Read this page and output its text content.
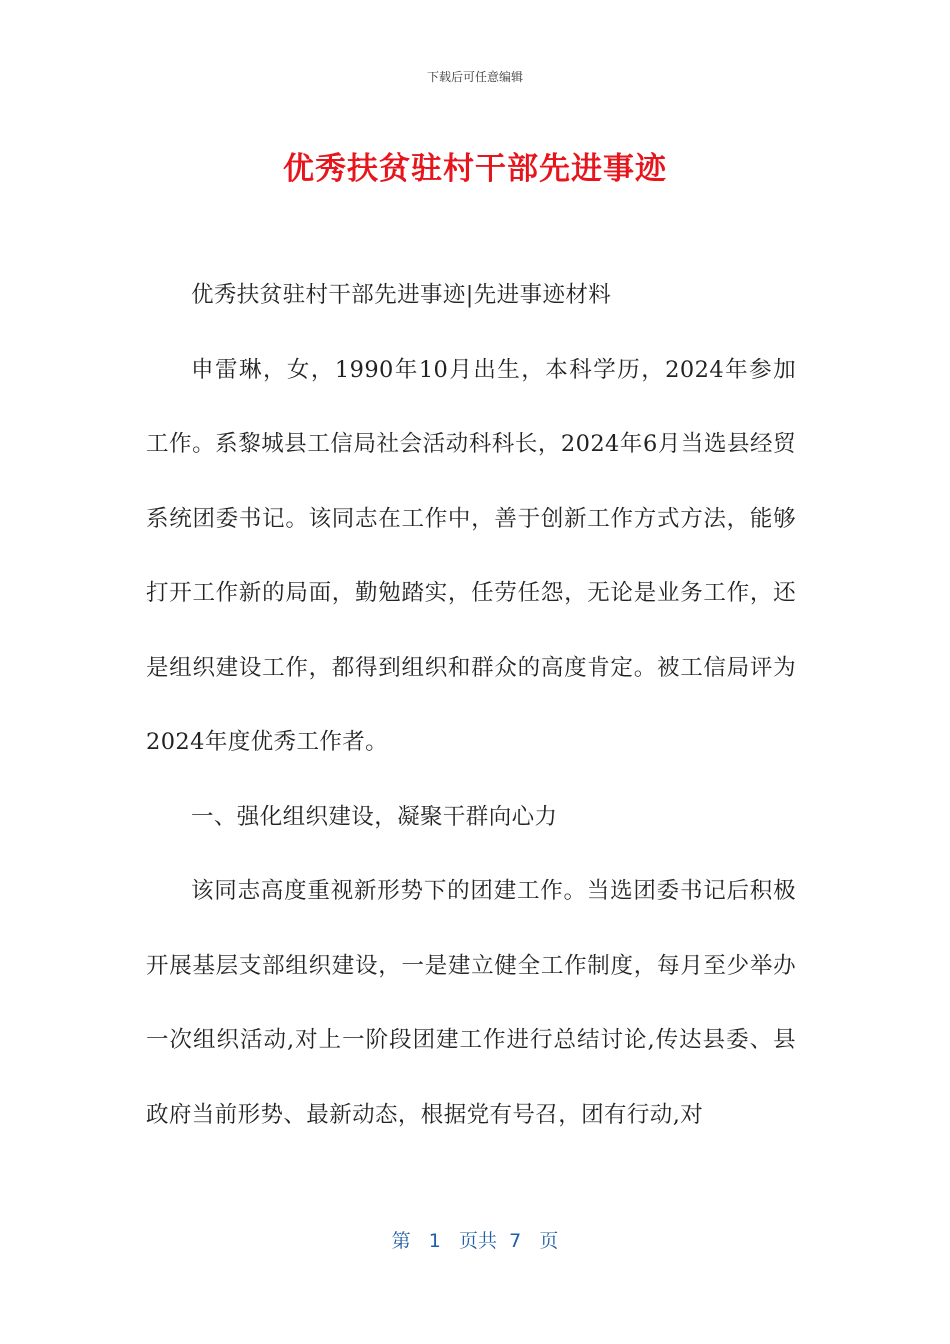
下载后可任意编辑
优秀扶贫驻村干部先进事迹

优秀扶贫驻村干部先进事迹|先进事迹材料

申雷琳，女，1990年10月出生，本科学历，2024年参加工作。系黎城县工信局社会活动科科长，2024年6月当选县经贸系统团委书记。该同志在工作中，善于创新工作方式方法，能够打开工作新的局面，勤勉踏实，任劳任怨，无论是业务工作，还是组织建设工作，都得到组织和群众的高度肯定。被工信局评为2024年度优秀工作者。

一、强化组织建设，凝聚干群向心力

该同志高度重视新形势下的团建工作。当选团委书记后积极开展基层支部组织建设，一是建立健全工作制度，每月至少举办一次组织活动,对上一阶段团建工作进行总结讨论,传达县委、县政府当前形势、最新动态，根据党有号召，团有行动,对

第 1 页共 7 页
